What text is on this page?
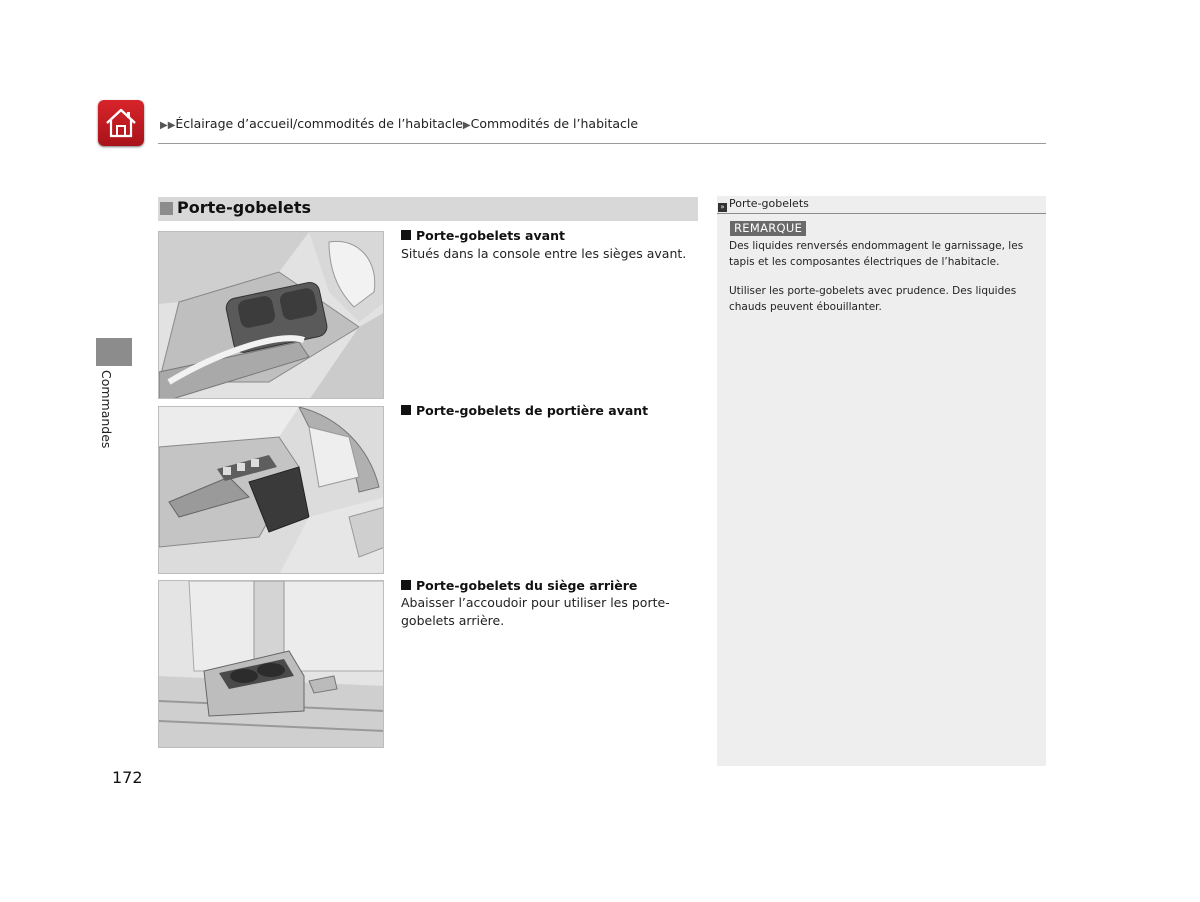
▶▶Éclairage d’accueil/commodités de l’habitacle▶Commodités de l’habitacle
Commandes
Porte-gobelets
Porte-gobelets avant
Situés dans la console entre les sièges avant.
Porte-gobelets de portière avant
Porte-gobelets du siège arrière
Abaisser l’accoudoir pour utiliser les porte-gobelets arrière.
» Porte-gobelets
REMARQUE
Des liquides renversés endommagent le garnissage, les tapis et les composantes électriques de l’habitacle.
Utiliser les porte-gobelets avec prudence. Des liquides chauds peuvent ébouillanter.
172
